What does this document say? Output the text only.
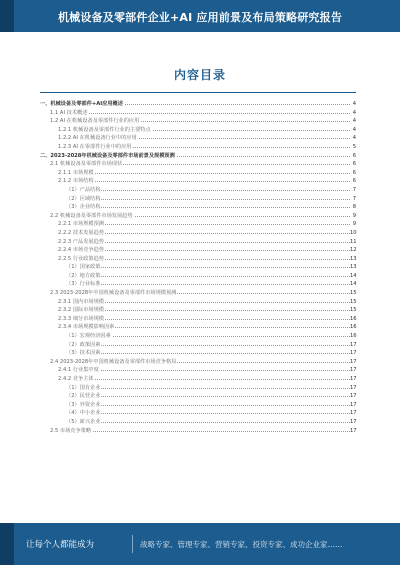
机械设备及零部件企业+AI 应用前景及布局策略研究报告
内容目录
一、机械设备及零部件+AI应用概述	4
1.1 AI 技术概述	4
1.2 AI 在机械设备及零部件行业的应用	4
1.2.1 机械设备及零部件行业的主要特点	4
1.2.2 AI 在机械设备行业中的应用	4
1.2.3 AI 在零部件行业中的应用	5
二、2023-2028年机械设备及零部件市场前景及规模预测	6
2.1 机械设备及零部件市场现状	6
2.1.1 市场规模	6
2.1.2 市场结构	6
（1）产品结构	7
（2）区域结构	7
（3）企业结构	8
2.2 机械设备及零部件市场发展趋势	9
2.2.1 市场规模预测	9
2.2.2 技术发展趋势	10
2.2.3 产品发展趋势	11
2.2.4 市场竞争趋势	12
2.2.5 行业政策趋势	13
（1）国家政策	13
（2）地方政策	14
（3）行业标准	14
2.3 2023-2028年中国机械设备及零部件市场规模预测	15
2.3.1 国内市场规模	15
2.3.2 国际市场规模	15
2.3.3 细分市场规模	16
2.3.4 市场规模影响因素	16
（1）宏观经济因素	16
（2）政策因素	17
（3）技术因素	17
2.4 2023-2028年中国机械设备及零部件市场竞争格局	17
2.4.1 行业集中度	17
2.4.2 竞争主体	17
（1）国有企业	17
（2）民营企业	17
（3）外资企业	17
（4）中小企业	17
（5）新兴企业	17
2.5 市场竞争策略	17
让每个人都能成为	战略专家、管理专家、营销专家、投资专家、成功企业家……
